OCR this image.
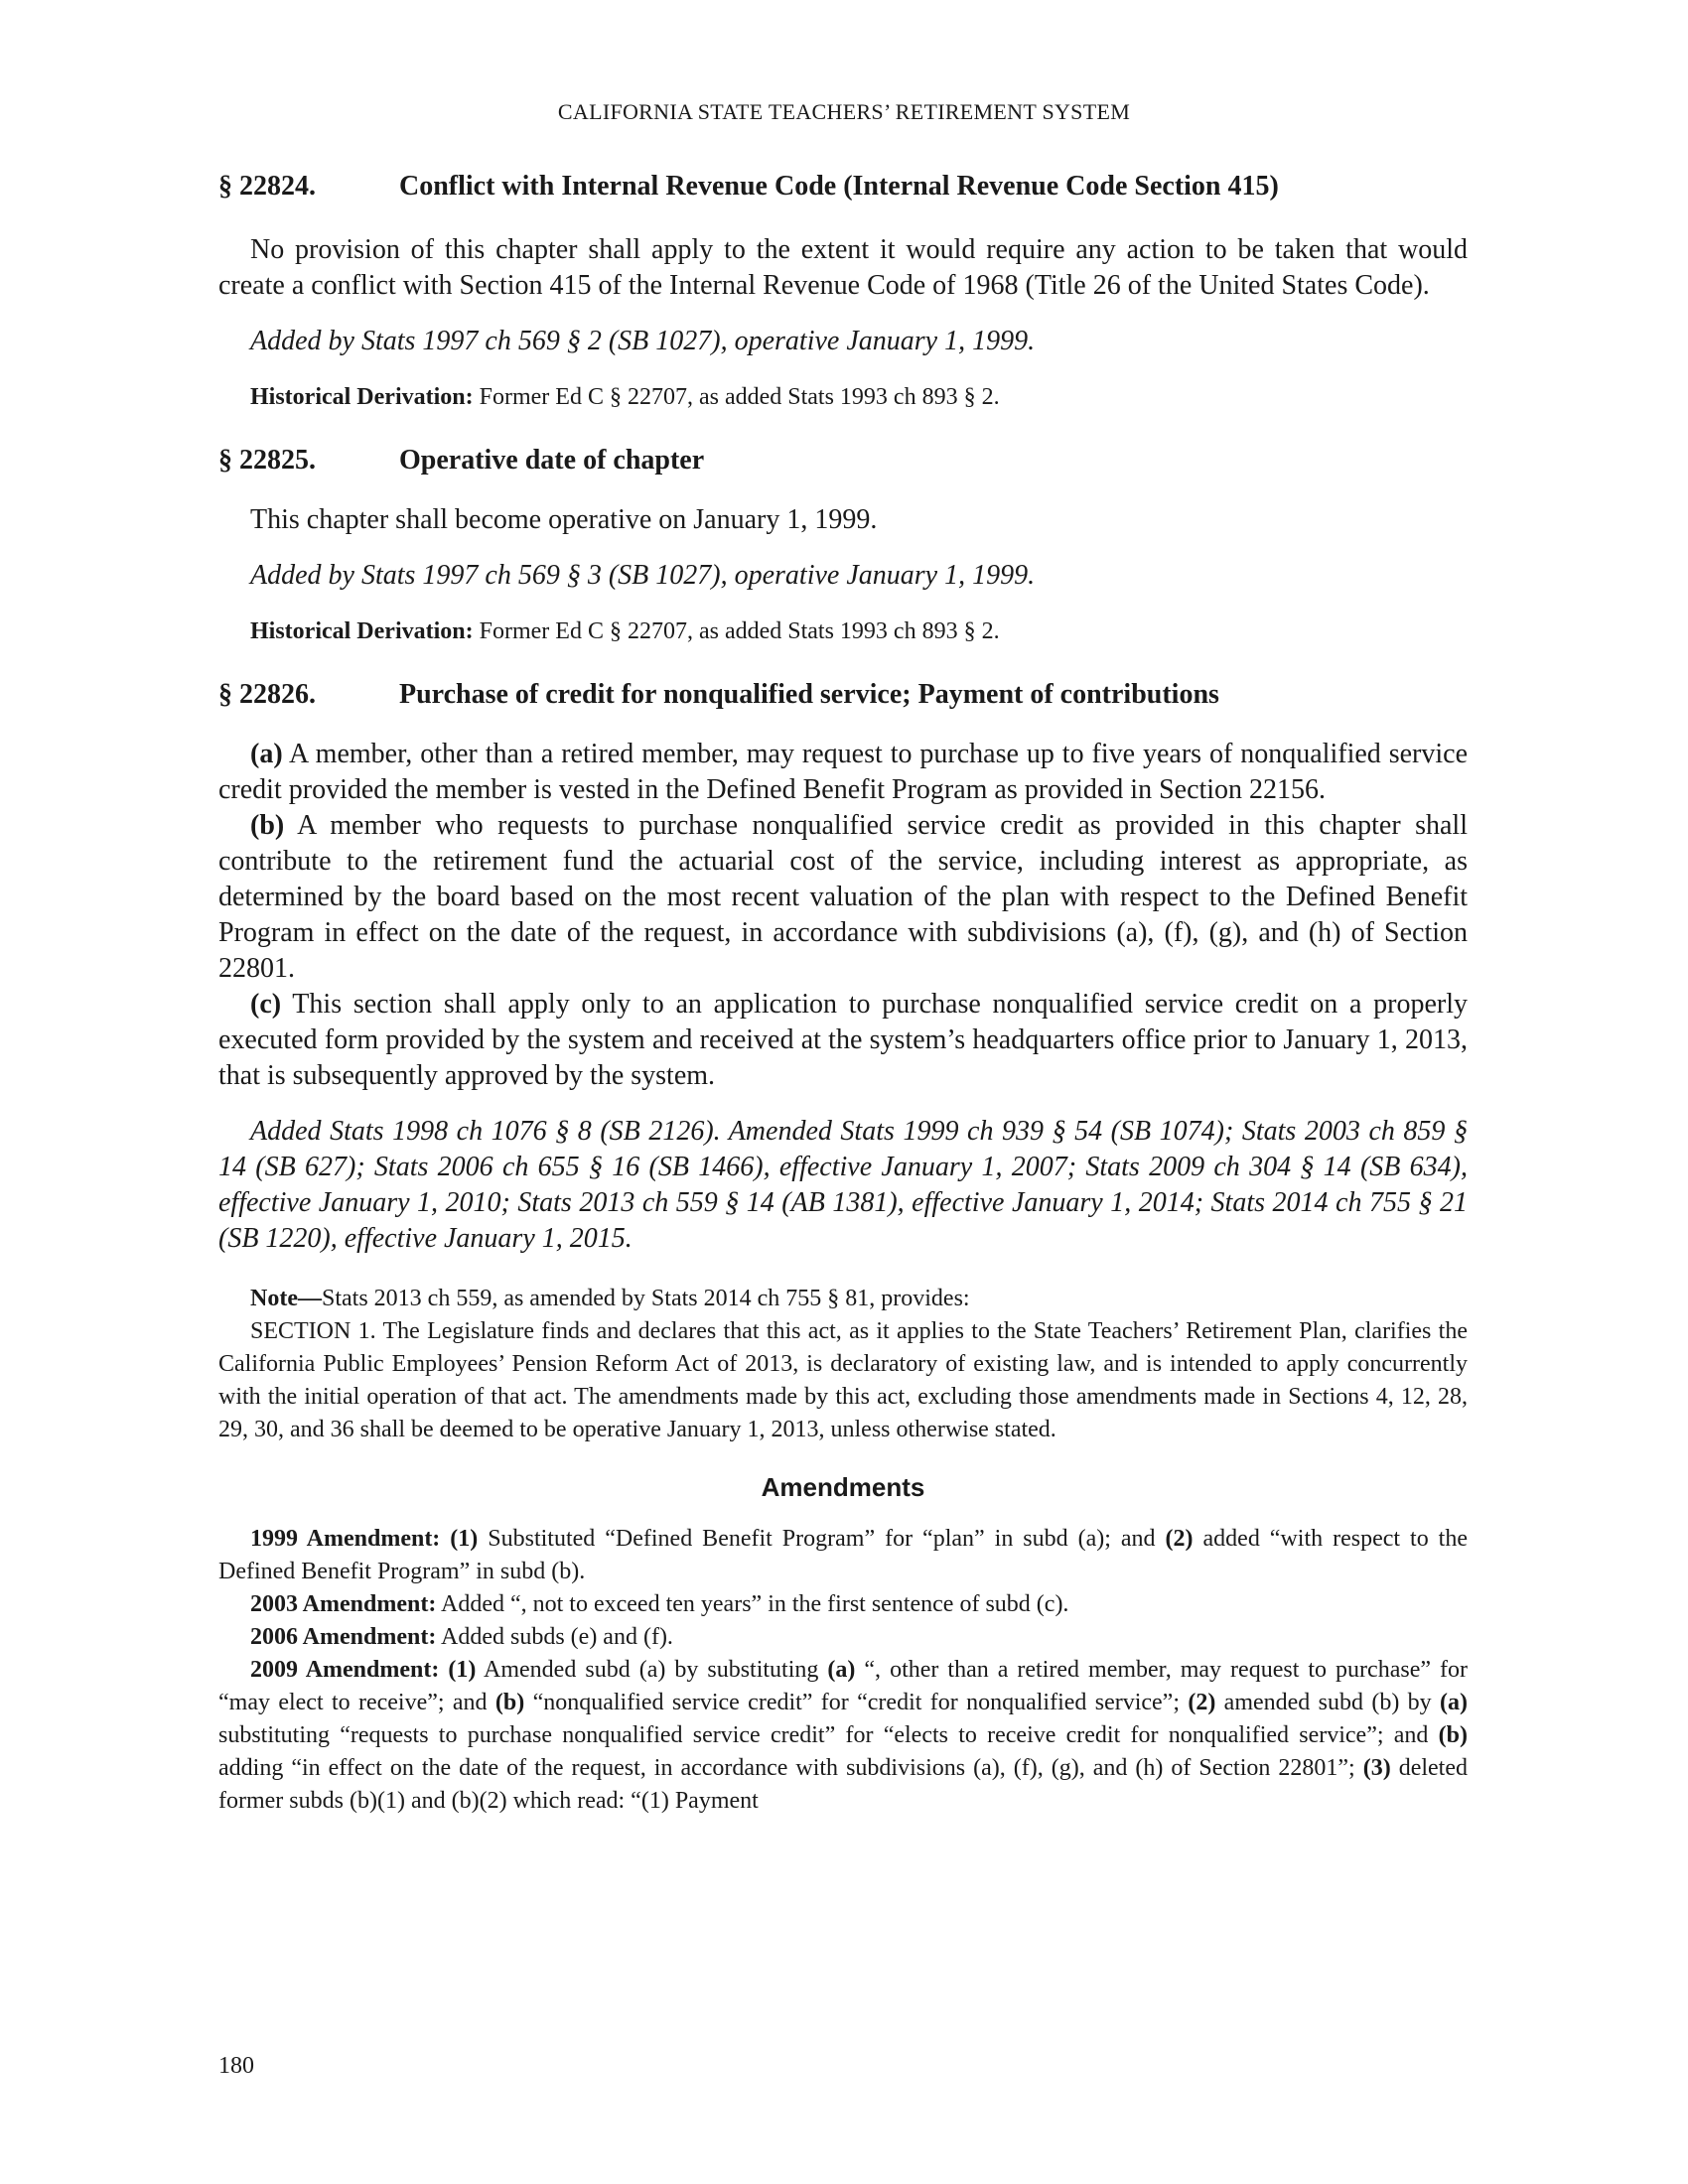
CALIFORNIA STATE TEACHERS’ RETIREMENT SYSTEM

§ 22824.	Conflict with Internal Revenue Code (Internal Revenue Code Section 415)

No provision of this chapter shall apply to the extent it would require any action to be taken that would create a conflict with Section 415 of the Internal Revenue Code of 1968 (Title 26 of the United States Code).

Added by Stats 1997 ch 569 § 2 (SB 1027), operative January 1, 1999.

Historical Derivation: Former Ed C § 22707, as added Stats 1993 ch 893 § 2.

§ 22825.	Operative date of chapter

This chapter shall become operative on January 1, 1999.

Added by Stats 1997 ch 569 § 3 (SB 1027), operative January 1, 1999.

Historical Derivation: Former Ed C § 22707, as added Stats 1993 ch 893 § 2.

§ 22826.	Purchase of credit for nonqualified service; Payment of contributions

(a) A member, other than a retired member, may request to purchase up to five years of nonqualified service credit provided the member is vested in the Defined Benefit Program as provided in Section 22156.

(b) A member who requests to purchase nonqualified service credit as provided in this chapter shall contribute to the retirement fund the actuarial cost of the service, including interest as appropriate, as determined by the board based on the most recent valuation of the plan with respect to the Defined Benefit Program in effect on the date of the request, in accordance with subdivisions (a), (f), (g), and (h) of Section 22801.

(c) This section shall apply only to an application to purchase nonqualified service credit on a properly executed form provided by the system and received at the system’s headquarters office prior to January 1, 2013, that is subsequently approved by the system.

Added Stats 1998 ch 1076 § 8 (SB 2126). Amended Stats 1999 ch 939 § 54 (SB 1074); Stats 2003 ch 859 § 14 (SB 627); Stats 2006 ch 655 § 16 (SB 1466), effective January 1, 2007; Stats 2009 ch 304 § 14 (SB 634), effective January 1, 2010; Stats 2013 ch 559 § 14 (AB 1381), effective January 1, 2014; Stats 2014 ch 755 § 21 (SB 1220), effective January 1, 2015.

Note—Stats 2013 ch 559, as amended by Stats 2014 ch 755 § 81, provides:

SECTION 1. The Legislature finds and declares that this act, as it applies to the State Teachers’ Retirement Plan, clarifies the California Public Employees’ Pension Reform Act of 2013, is declaratory of existing law, and is intended to apply concurrently with the initial operation of that act. The amendments made by this act, excluding those amendments made in Sections 4, 12, 28, 29, 30, and 36 shall be deemed to be operative January 1, 2013, unless otherwise stated.

Amendments

1999 Amendment: (1) Substituted “Defined Benefit Program” for “plan” in subd (a); and (2) added “with respect to the Defined Benefit Program” in subd (b).

2003 Amendment: Added “, not to exceed ten years” in the first sentence of subd (c).

2006 Amendment: Added subds (e) and (f).

2009 Amendment: (1) Amended subd (a) by substituting (a) “, other than a retired member, may request to purchase” for “may elect to receive”; and (b) “nonqualified service credit” for “credit for nonqualified service”; (2) amended subd (b) by (a) substituting “requests to purchase nonqualified service credit” for “elects to receive credit for nonqualified service”; and (b) adding “in effect on the date of the request, in accordance with subdivisions (a), (f), (g), and (h) of Section 22801”; (3) deleted former subds (b)(1) and (b)(2) which read: “(1) Payment

180
